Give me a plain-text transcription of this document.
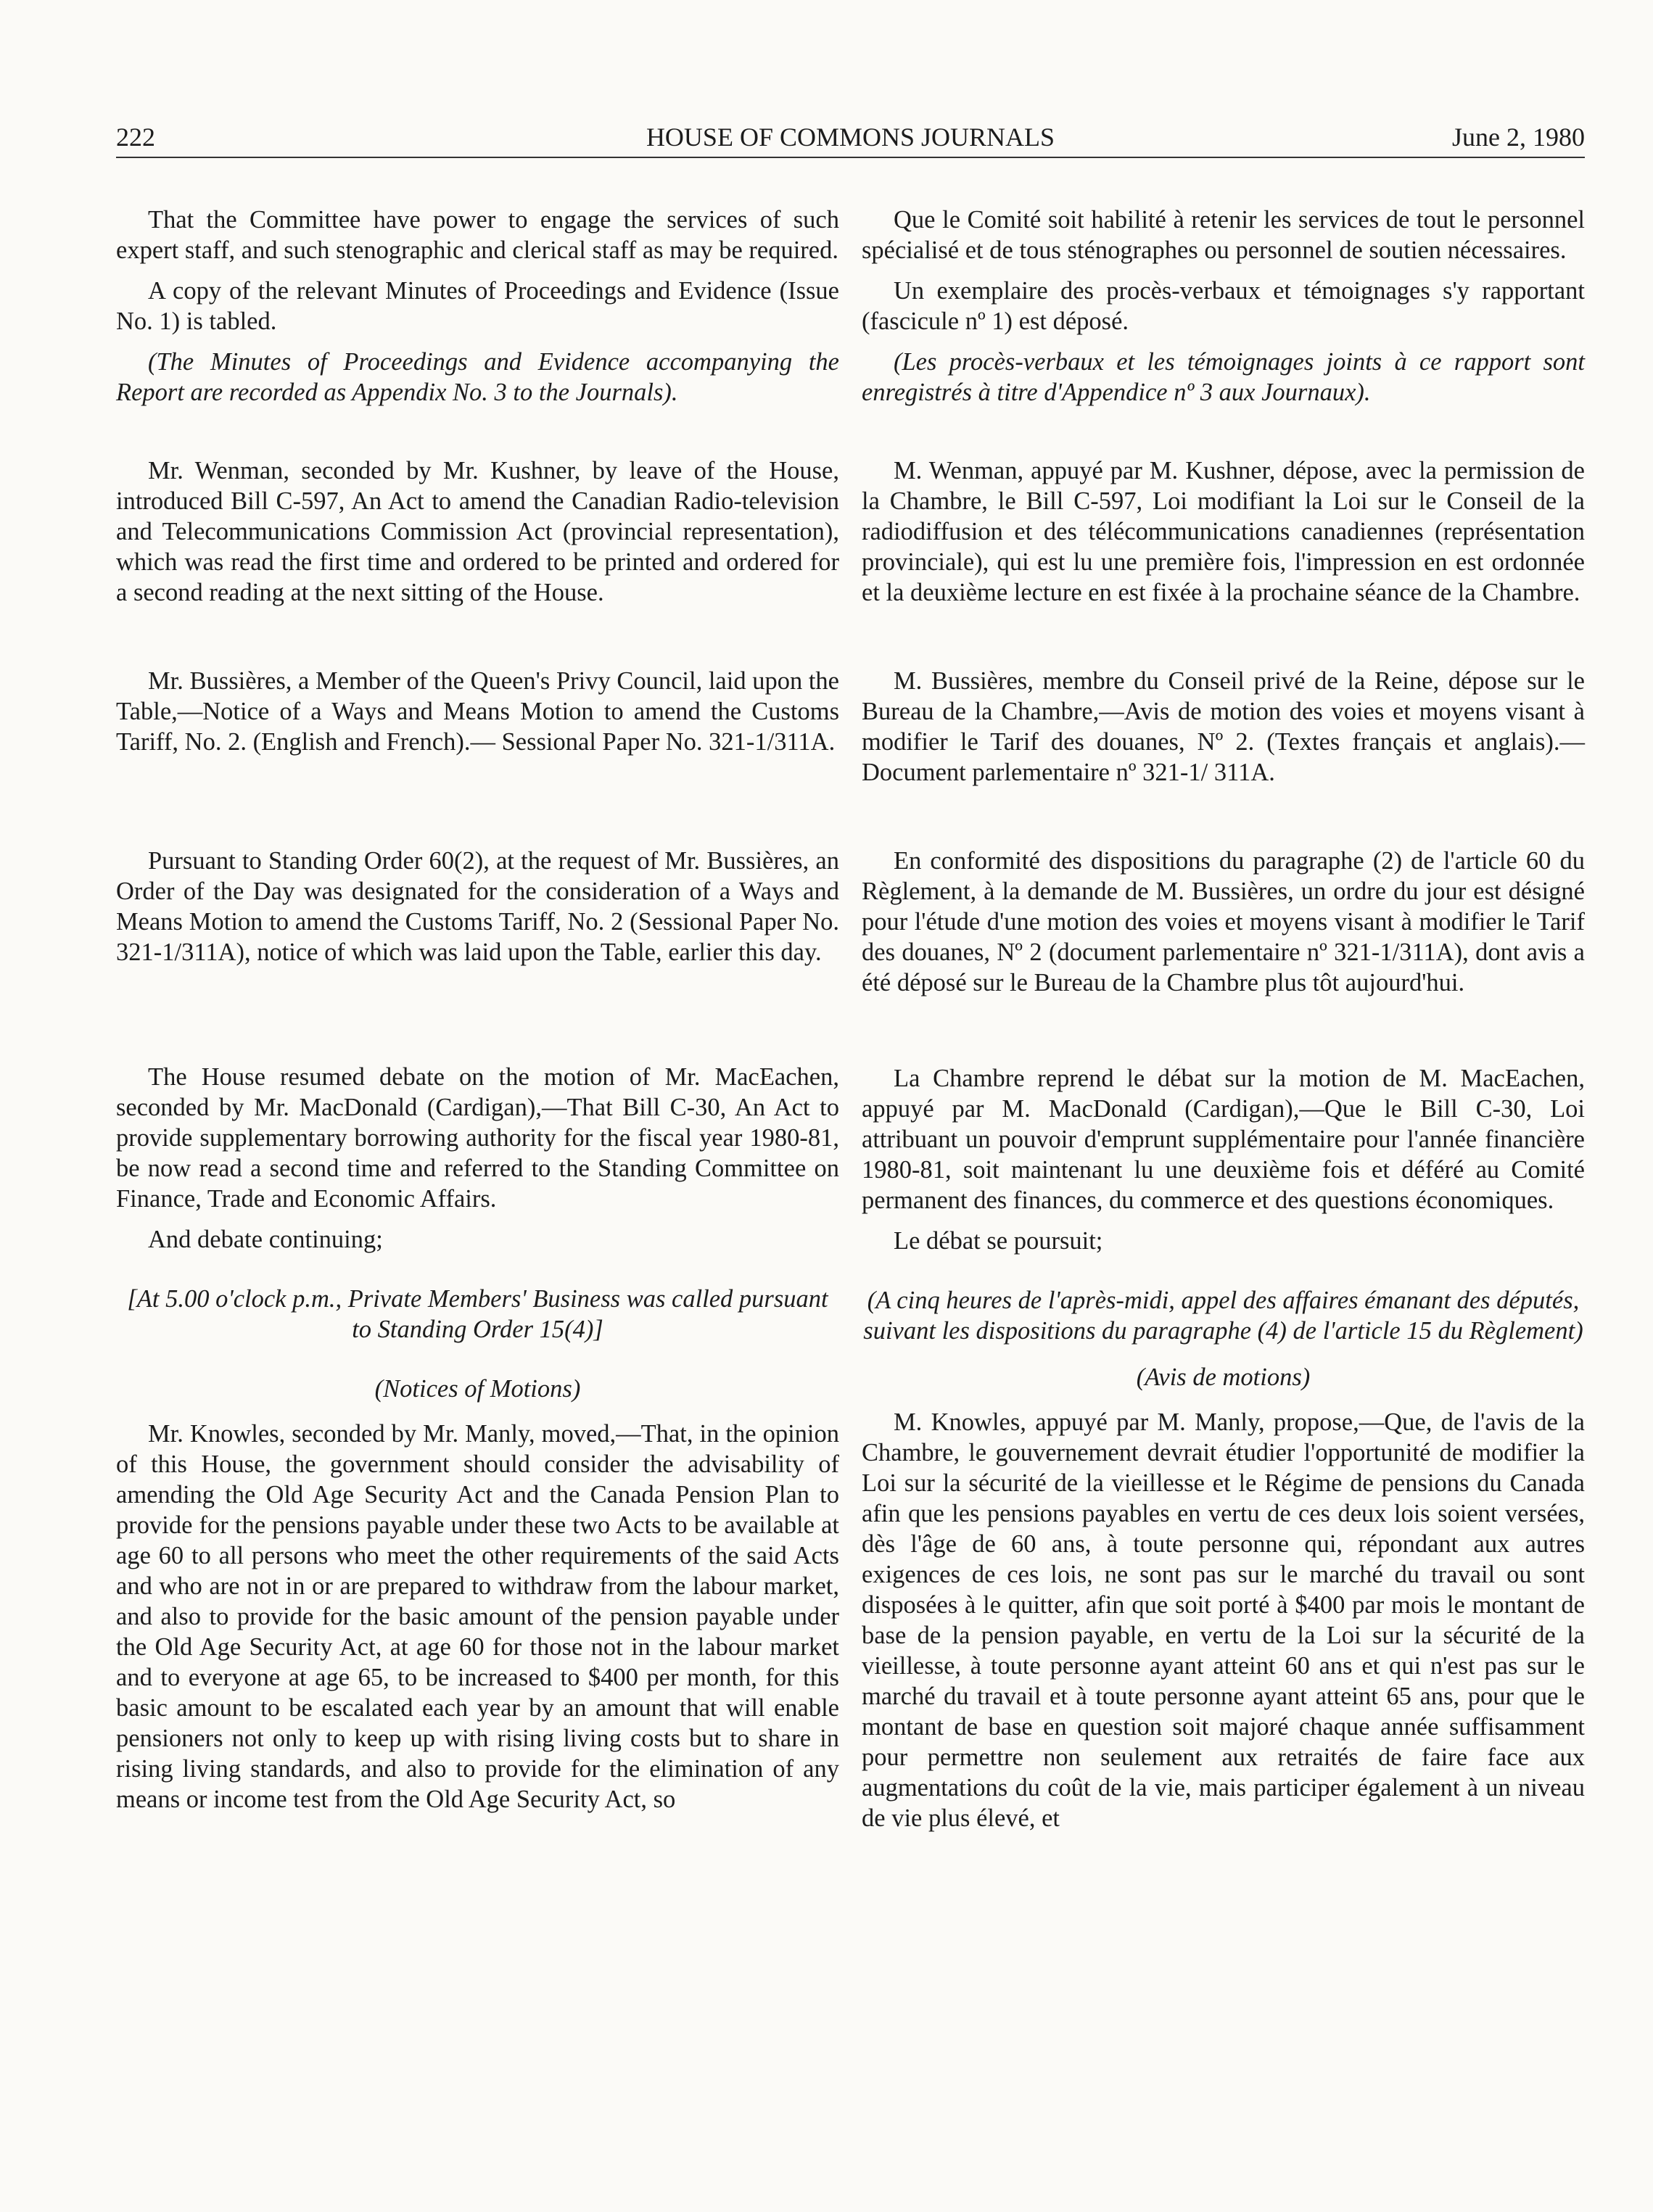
222	HOUSE OF COMMONS JOURNALS	June 2, 1980

That the Committee have power to engage the services of such expert staff, and such stenographic and clerical staff as may be required.

A copy of the relevant Minutes of Proceedings and Evidence (Issue No. 1) is tabled.

(The Minutes of Proceedings and Evidence accompanying the Report are recorded as Appendix No. 3 to the Journals).

Mr. Wenman, seconded by Mr. Kushner, by leave of the House, introduced Bill C-597, An Act to amend the Canadian Radio-television and Telecommunications Commission Act (provincial representation), which was read the first time and ordered to be printed and ordered for a second reading at the next sitting of the House.

Mr. Bussières, a Member of the Queen's Privy Council, laid upon the Table,—Notice of a Ways and Means Motion to amend the Customs Tariff, No. 2. (English and French).— Sessional Paper No. 321-1/311A.

Pursuant to Standing Order 60(2), at the request of Mr. Bussières, an Order of the Day was designated for the consideration of a Ways and Means Motion to amend the Customs Tariff, No. 2 (Sessional Paper No. 321-1/311A), notice of which was laid upon the Table, earlier this day.

The House resumed debate on the motion of Mr. MacEachen, seconded by Mr. MacDonald (Cardigan),—That Bill C-30, An Act to provide supplementary borrowing authority for the fiscal year 1980-81, be now read a second time and referred to the Standing Committee on Finance, Trade and Economic Affairs.

And debate continuing;

[At 5.00 o'clock p.m., Private Members' Business was called pursuant to Standing Order 15(4)]

(Notices of Motions)

Mr. Knowles, seconded by Mr. Manly, moved,—That, in the opinion of this House, the government should consider the advisability of amending the Old Age Security Act and the Canada Pension Plan to provide for the pensions payable under these two Acts to be available at age 60 to all persons who meet the other requirements of the said Acts and who are not in or are prepared to withdraw from the labour market, and also to provide for the basic amount of the pension payable under the Old Age Security Act, at age 60 for those not in the labour market and to everyone at age 65, to be increased to $400 per month, for this basic amount to be escalated each year by an amount that will enable pensioners not only to keep up with rising living costs but to share in rising living standards, and also to provide for the elimination of any means or income test from the Old Age Security Act, so

Que le Comité soit habilité à retenir les services de tout le personnel spécialisé et de tous sténographes ou personnel de soutien nécessaires.

Un exemplaire des procès-verbaux et témoignages s'y rapportant (fascicule nº 1) est déposé.

(Les procès-verbaux et les témoignages joints à ce rapport sont enregistrés à titre d'Appendice nº 3 aux Journaux).

M. Wenman, appuyé par M. Kushner, dépose, avec la permission de la Chambre, le Bill C-597, Loi modifiant la Loi sur le Conseil de la radiodiffusion et des télécommunications canadiennes (représentation provinciale), qui est lu une première fois, l'impression en est ordonnée et la deuxième lecture en est fixée à la prochaine séance de la Chambre.

M. Bussières, membre du Conseil privé de la Reine, dépose sur le Bureau de la Chambre,—Avis de motion des voies et moyens visant à modifier le Tarif des douanes, Nº 2. (Textes français et anglais).—Document parlementaire nº 321-1/ 311A.

En conformité des dispositions du paragraphe (2) de l'article 60 du Règlement, à la demande de M. Bussières, un ordre du jour est désigné pour l'étude d'une motion des voies et moyens visant à modifier le Tarif des douanes, Nº 2 (document parlementaire nº 321-1/311A), dont avis a été déposé sur le Bureau de la Chambre plus tôt aujourd'hui.

La Chambre reprend le débat sur la motion de M. MacEachen, appuyé par M. MacDonald (Cardigan),—Que le Bill C-30, Loi attribuant un pouvoir d'emprunt supplémentaire pour l'année financière 1980-81, soit maintenant lu une deuxième fois et déféré au Comité permanent des finances, du commerce et des questions économiques.

Le débat se poursuit;

(A cinq heures de l'après-midi, appel des affaires émanant des députés, suivant les dispositions du paragraphe (4) de l'article 15 du Règlement)

(Avis de motions)

M. Knowles, appuyé par M. Manly, propose,—Que, de l'avis de la Chambre, le gouvernement devrait étudier l'opportunité de modifier la Loi sur la sécurité de la vieillesse et le Régime de pensions du Canada afin que les pensions payables en vertu de ces deux lois soient versées, dès l'âge de 60 ans, à toute personne qui, répondant aux autres exigences de ces lois, ne sont pas sur le marché du travail ou sont disposées à le quitter, afin que soit porté à $400 par mois le montant de base de la pension payable, en vertu de la Loi sur la sécurité de la vieillesse, à toute personne ayant atteint 60 ans et qui n'est pas sur le marché du travail et à toute personne ayant atteint 65 ans, pour que le montant de base en question soit majoré chaque année suffisamment pour permettre non seulement aux retraités de faire face aux augmentations du coût de la vie, mais participer également à un niveau de vie plus élevé, et
